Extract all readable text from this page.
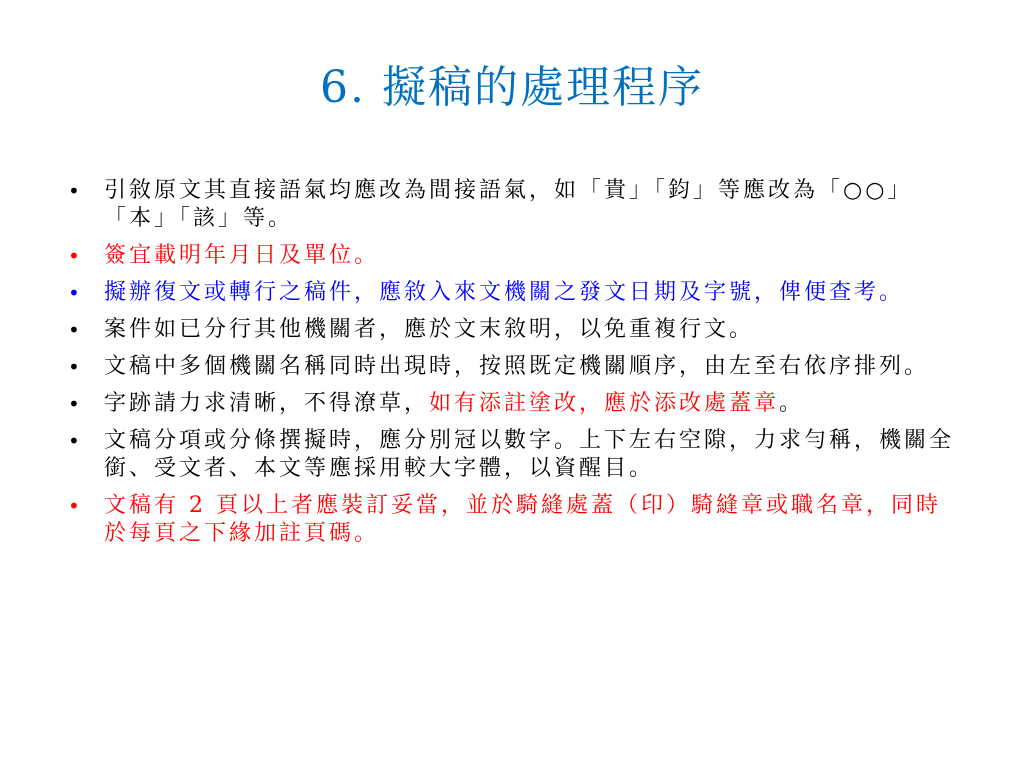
6. 擬稿的處理程序
• 引敘原文其直接語氣均應改為間接語氣，如「貴」「鈞」等應改為「○○」「本」「該」等。
• 簽宜載明年月日及單位。
• 擬辦復文或轉行之稿件，應敘入來文機關之發文日期及字號，俾便查考。
• 案件如已分行其他機關者，應於文末敘明，以免重複行文。
• 文稿中多個機關名稱同時出現時，按照既定機關順序，由左至右依序排列。
• 字跡請力求清晰，不得潦草，如有添註塗改，應於添改處蓋章。
• 文稿分項或分條撰擬時，應分別冠以數字。上下左右空隙，力求勻稱，機關全銜、受文者、本文等應採用較大字體，以資醒目。
• 文稿有 2 頁以上者應裝訂妥當，並於騎縫處蓋（印）騎縫章或職名章，同時於每頁之下緣加註頁碼。
